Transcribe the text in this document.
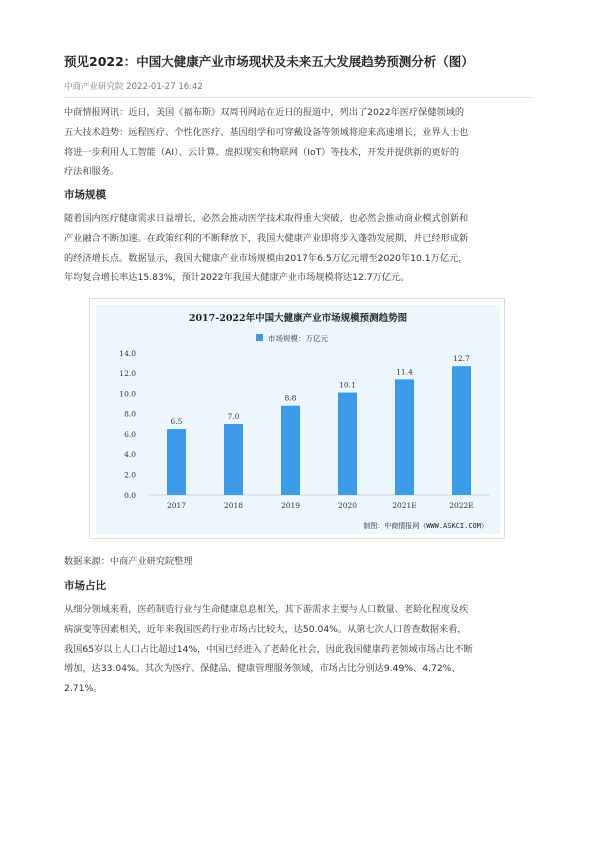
预见2022：中国大健康产业市场现状及未来五大发展趋势预测分析（图）
中商产业研究院 2022-01-27 16:42

中商情报网讯：近日，美国《福布斯》双周刊网站在近日的报道中，列出了2022年医疗保健领域的
五大技术趋势：远程医疗、个性化医疗、基因组学和可穿戴设备等领域将迎来高速增长，业界人士也
将进一步利用人工智能（AI）、云计算、虚拟现实和物联网（IoT）等技术，开发并提供新的更好的
疗法和服务。

市场规模

随着国内医疗健康需求日益增长，必然会推动医学技术取得重大突破，也必然会推动商业模式创新和
产业融合不断加速。在政策红利的不断释放下，我国大健康产业即将步入蓬勃发展期，并已经形成新
的经济增长点。数据显示，我国大健康产业市场规模由2017年6.5万亿元增至2020年10.1万亿元，
年均复合增长率达15.83%，预计2022年我国大健康产业市场规模将达12.7万亿元。

2017-2022年中国大健康产业市场规模预测趋势图
市场规模：万亿元
0.0
2.0
4.0
6.0
8.0
10.0
12.0
14.0
6.5
7.0
8.8
10.1
11.4
12.7
2017	2018	2019	2020	2021E	2022E
制图：中商情报网（WWW.ASKCI.COM）
数据来源：中商产业研究院整理
市场占比

从细分领域来看，医药制造行业与生命健康息息相关，其下游需求主要与人口数量、老龄化程度及疾
病演变等因素相关，近年来我国医药行业市场占比较大，达50.04%。从第七次人口普查数据来看，
我国65岁以上人口占比超过14%，中国已经进入了老龄化社会，因此我国健康药老领域市场占比不断
增加，达33.04%。其次为医疗、保健品、健康管理服务领域，市场占比分别达9.49%、4.72%、
2.71%。
